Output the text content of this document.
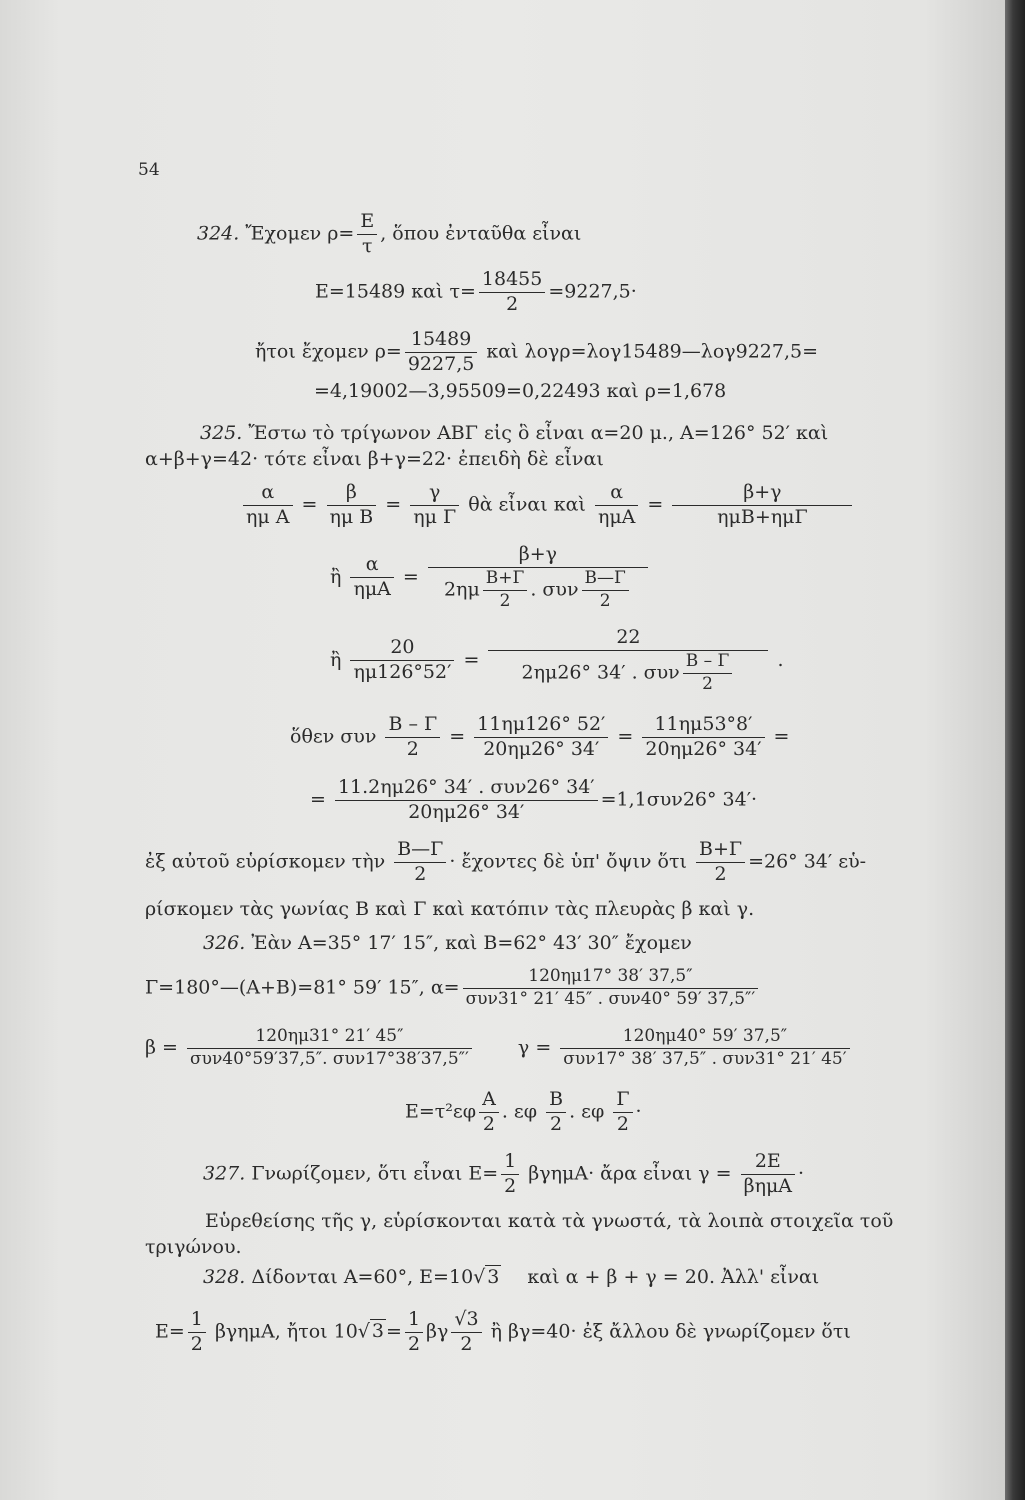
54
324. Ἔχομεν $\rho= \frac{E}{\tau}$ , ὅπου ἐνταῦθα εἶναι
E=15489 καὶ $\tau= \frac{18455}{2} =9227,5\cdot$
ἤτοι ἔχομεν $\rho= \frac{15489}{9227,5}$ καὶ λογρ=λογ15489—λογ9227,5=
=4,19002—3,95509=0,22493 καὶ ρ=1,678
325. Ἔστω τὸ τρίγωνον ΑΒΓ εἰς ὃ εἶναι α=20 μ., Α=126° 52′ καὶ
α+β+γ=42· τότε εἶναι β+γ=22· ἐπειδὴ δὲ εἶναι
$\frac{\alpha}{\text{ημ Α}} = \frac{\beta}{\text{ημ Β}} = \frac{\gamma}{\text{ημ Γ}}$ θὰ εἶναι καὶ
α
ημΑ
=
β+γ
ημΒ+ημΓ
ἢ
α
ημΑ
=
β+γ
$2\eta\mu \frac{B+\Gamma}{2}$ . συν $\frac{B—\Gamma}{2}$
ἢ $\frac{20}{\eta\mu 126^\circ 52'}$ =
22
2ημ26° 34′ . συν $\frac{B - \Gamma}{2}$ .
ὅθεν συν $\frac{B - \Gamma}{2} = \frac{11\eta\mu 126^\circ 52'}{20\eta\mu 26^\circ 34'} = \frac{11\eta\mu 53^\circ 8'}{20\eta\mu 26^\circ 34'}$ =
=
11.2ημ26° 34′ . συν26° 34′
20ημ26° 34′
=1,1συν26° 34′·
ἐξ αὐτοῦ εὑρίσκομεν τὴν $\frac{B—\Gamma}{2}$ · ἔχοντες δὲ ὑπ' ὄψιν ὅτι $\frac{B+\Gamma}{2} =26^\circ$ 34′ εὑ-
ρίσκομεν τὰς γωνίας Β καὶ Γ καὶ κατόπιν τὰς πλευρὰς β καὶ γ.
326. Ἐὰν Α=35° 17′ 15″, καὶ Β=62° 43′ 30″ ἔχομεν
Γ=180°—(Α+Β)=81° 59′ 15″, α=
120ημ17° 38′ 37,5″
συν31° 21′ 45″ . συν40° 59′ 37,5″′
β =
120ημ31° 21′ 45″
συν40°59′37,5″. συν17°38′37,5″′
γ =
120ημ40° 59′ 37,5″
συν17° 38′ 37,5″ . συν31° 21′ 45′
$E=\tau^2\varepsilon\varphi \frac{A}{2}$ . εφ $\frac{B}{2}$ . εφ $\frac{\Gamma}{2}$ ·
327. Γνωρίζομεν, ὅτι εἶναι $E= \frac{1}{2} \beta\gamma\eta\mu A\cdot$ ἄρα εἶναι γ =
2Ε
βημΑ
·
Εὑρεθείσης τῆς γ, εὑρίσκονται κατὰ τὰ γνωστά, τὰ λοιπὰ στοιχεῖα τοῦ
τριγώνου.
328. Δίδονται Α=60°, E=10√ 3 καὶ α + β + γ = 20. Ἀλλ' εἶναι
$E= \frac{1}{2} \beta\gamma\eta\mu A$, ἤτοι 10√ $3 = \frac{1}{2}$ βγ $\frac{√3}{2}$ ἢ βγ=40· ἐξ ἄλλου δὲ γνωρίζομεν ὅτι
